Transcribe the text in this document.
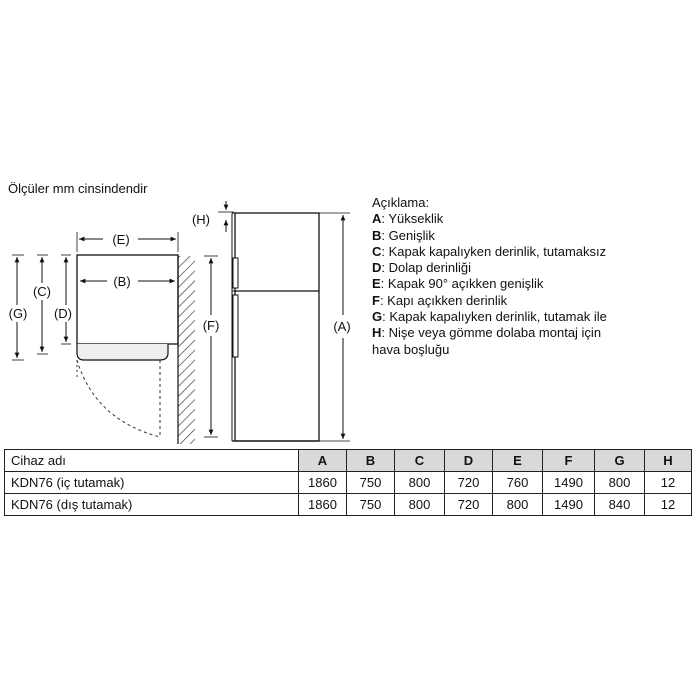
Ölçüler mm cinsindendir
(E)
(B)
(G)
(C)
(D)
(F)
(H)
(A)
Açıklama:
A: Yükseklik
B: Genişlik
C: Kapak kapalıyken derinlik, tutamaksız
D: Dolap derinliği
E: Kapak 90° açıkken genişlik
F: Kapı açıkken derinlik
G: Kapak kapalıyken derinlik, tutamak ile
H: Nişe veya gömme dolaba montaj için
hava boşluğu
Cihaz adı	A	B	C	D	E	F	G	H
KDN76 (iç tutamak)	1860	750	800	720	760	1490	800	12
KDN76 (dış tutamak)	1860	750	800	720	800	1490	840	12
